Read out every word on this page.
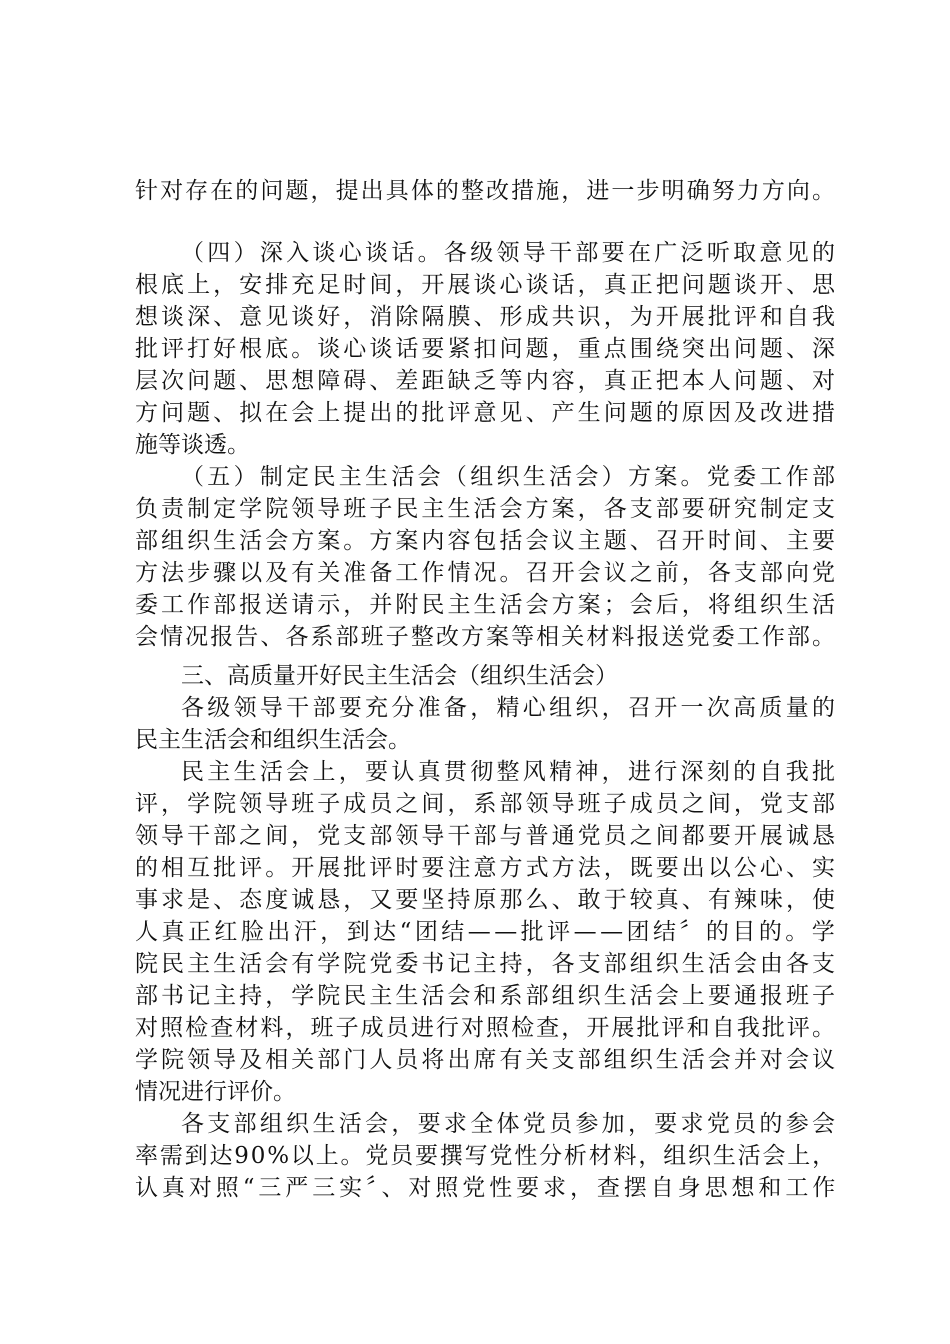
针对存在的问题，提出具体的整改措施，进一步明确努力方向。
（四）深入谈心谈话。各级领导干部要在广泛听取意见的
根底上，安排充足时间，开展谈心谈话，真正把问题谈开、思
想谈深、意见谈好，消除隔膜、形成共识，为开展批评和自我
批评打好根底。谈心谈话要紧扣问题，重点围绕突出问题、深
层次问题、思想障碍、差距缺乏等内容，真正把本人问题、对
方问题、拟在会上提出的批评意见、产生问题的原因及改进措
施等谈透。
（五）制定民主生活会（组织生活会）方案。党委工作部
负责制定学院领导班子民主生活会方案，各支部要研究制定支
部组织生活会方案。方案内容包括会议主题、召开时间、主要
方法步骤以及有关准备工作情况。召开会议之前，各支部向党
委工作部报送请示，并附民主生活会方案；会后，将组织生活
会情况报告、各系部班子整改方案等相关材料报送党委工作部。
三、高质量开好民主生活会（组织生活会）
各级领导干部要充分准备，精心组织，召开一次高质量的
民主生活会和组织生活会。
民主生活会上，要认真贯彻整风精神，进行深刻的自我批
评，学院领导班子成员之间，系部领导班子成员之间，党支部
领导干部之间，党支部领导干部与普通党员之间都要开展诚恳
的相互批评。开展批评时要注意方式方法，既要出以公心、实
事求是、态度诚恳，又要坚持原那么、敢于较真、有辣味，使
人真正红脸出汗，到达“团结——批评——团结〞的目的。学
院民主生活会有学院党委书记主持，各支部组织生活会由各支
部书记主持，学院民主生活会和系部组织生活会上要通报班子
对照检查材料，班子成员进行对照检查，开展批评和自我批评。
学院领导及相关部门人员将出席有关支部组织生活会并对会议
情况进行评价。
各支部组织生活会，要求全体党员参加，要求党员的参会
率需到达90%以上。党员要撰写党性分析材料，组织生活会上，
认真对照“三严三实〞、对照党性要求，查摆自身思想和工作
